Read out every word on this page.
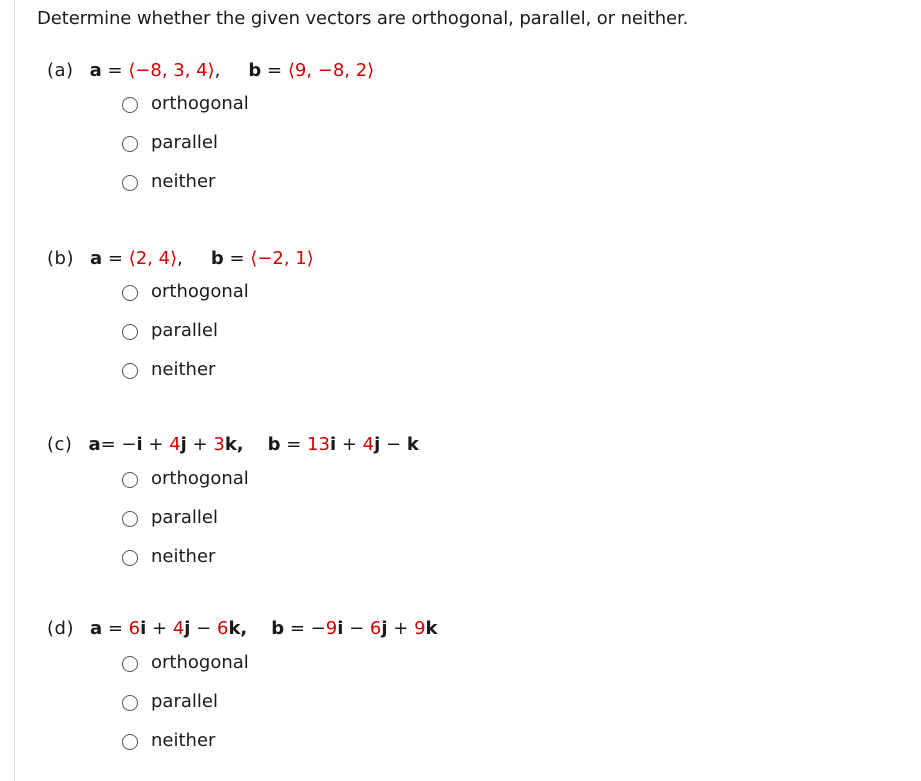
Determine whether the given vectors are orthogonal, parallel, or neither.
(a) a = ⟨ −8, 3, 4 ⟩ , b = ⟨ 9, −8, 2 ⟩
orthogonal
parallel
neither
(b) a = ⟨ 2, 4 ⟩ , b = ⟨ −2, 1 ⟩
orthogonal
parallel
neither
(c) a = −i + 4j + 3k, b = 13i + 4j − k
orthogonal
parallel
neither
(d) a = 6i + 4j − 6k, b = −9i − 6j + 9k
orthogonal
parallel
neither
